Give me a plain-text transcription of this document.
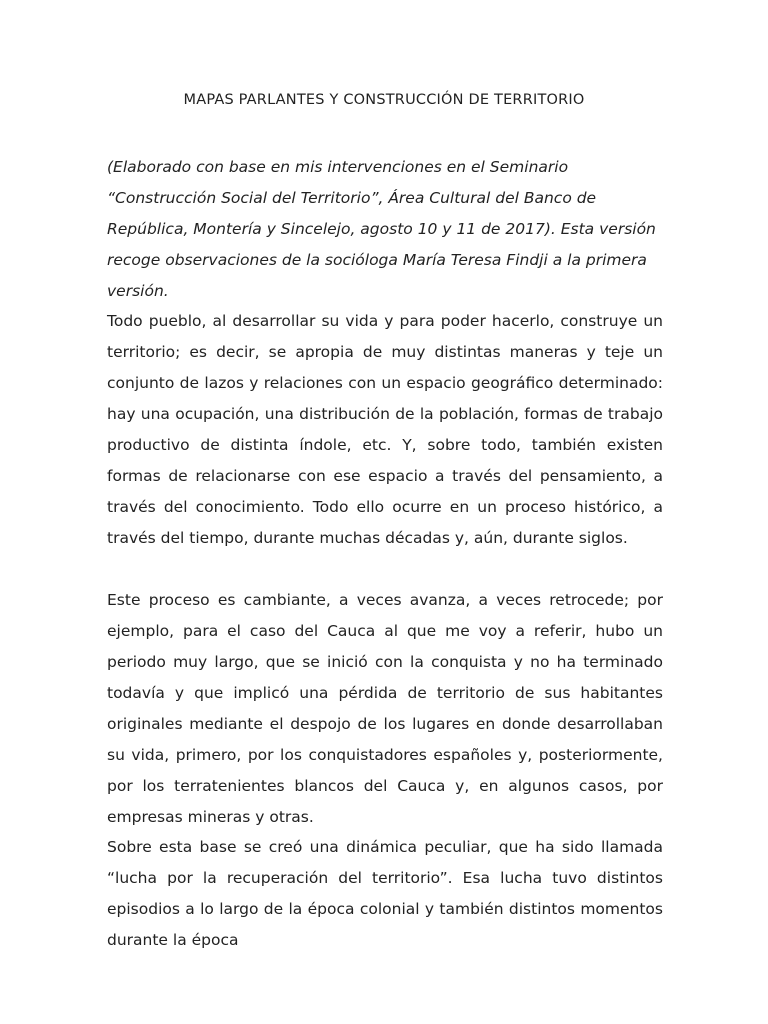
MAPAS PARLANTES Y CONSTRUCCIÓN DE TERRITORIO

(Elaborado con base en mis intervenciones en el Seminario “Construcción Social del Territorio”, Área Cultural del Banco de República, Montería y Sincelejo, agosto 10 y 11 de 2017). Esta versión recoge observaciones de la socióloga María Teresa Findji a la primera versión.

Todo pueblo, al desarrollar su vida y para poder hacerlo, construye un territorio; es decir, se apropia de muy distintas maneras y teje un conjunto de lazos y relaciones con un espacio geográfico determinado: hay una ocupación, una distribución de la población, formas de trabajo productivo de distinta índole, etc. Y, sobre todo, también existen formas de relacionarse con ese espacio a través del pensamiento, a través del conocimiento. Todo ello ocurre en un proceso histórico, a través del tiempo, durante muchas décadas y, aún, durante siglos.

Este proceso es cambiante, a veces avanza, a veces retrocede; por ejemplo, para el caso del Cauca al que me voy a referir, hubo un periodo muy largo, que se inició con la conquista y no ha terminado todavía y que implicó una pérdida de territorio de sus habitantes originales mediante el despojo de los lugares en donde desarrollaban su vida, primero, por los conquistadores españoles y, posteriormente, por los terratenientes blancos del Cauca y, en algunos casos, por empresas mineras y otras.

Sobre esta base se creó una dinámica peculiar, que ha sido llamada “lucha por la recuperación del territorio”. Esa lucha tuvo distintos episodios a lo largo de la época colonial y también distintos momentos durante la época
